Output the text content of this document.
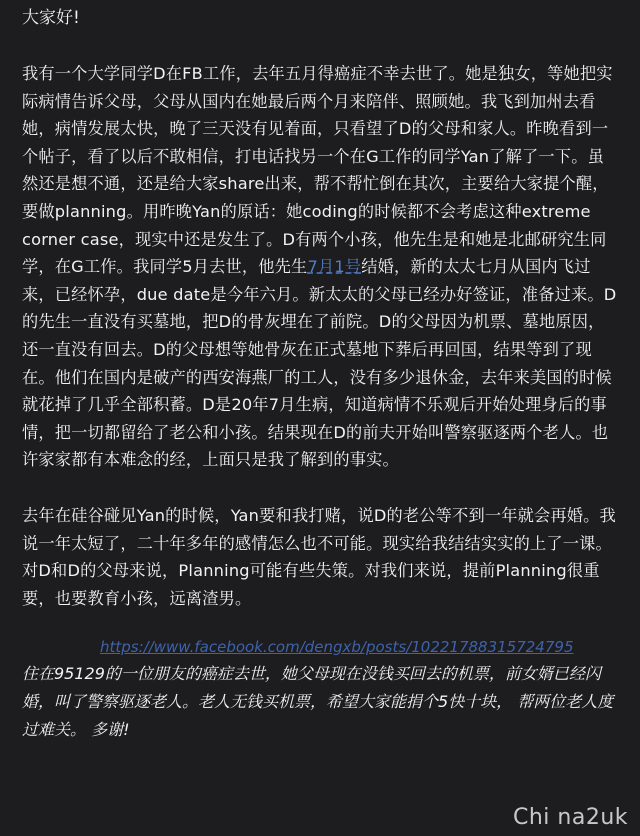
大家好!
我有一个大学同学D在FB工作，去年五月得癌症不幸去世了。她是独女，等她把实际病情告诉父母，父母从国内在她最后两个月来陪伴、照顾她。我飞到加州去看她，病情发展太快，晚了三天没有见着面，只看望了D的父母和家人。昨晚看到一个帖子，看了以后不敢相信，打电话找另一个在G工作的同学Yan了解了一下。虽然还是想不通，还是给大家share出来，帮不帮忙倒在其次，主要给大家提个醒，要做planning。用昨晚Yan的原话：她coding的时候都不会考虑这种extreme corner case，现实中还是发生了。D有两个小孩，他先生是和她是北邮研究生同学，在G工作。我同学5月去世，他先生7月1号结婚，新的太太七月从国内飞过来，已经怀孕，due date是今年六月。新太太的父母已经办好签证，准备过来。D的先生一直没有买墓地，把D的骨灰埋在了前院。D的父母因为机票、墓地原因，还一直没有回去。D的父母想等她骨灰在正式墓地下葬后再回国，结果等到了现在。他们在国内是破产的西安海燕厂的工人，没有多少退休金，去年来美国的时候就花掉了几乎全部积蓄。D是20年7月生病，知道病情不乐观后开始处理身后的事情，把一切都留给了老公和小孩。结果现在D的前夫开始叫警察驱逐两个老人。也许家家都有本难念的经，上面只是我了解到的事实。
去年在硅谷碰见Yan的时候，Yan要和我打赌，说D的老公等不到一年就会再婚。我说一年太短了，二十年多年的感情怎么也不可能。现实给我结结实实的上了一课。对D和D的父母来说，Planning可能有些失策。对我们来说，提前Planning很重要，也要教育小孩，远离渣男。
https://www.facebook.com/dengxb/posts/10221788315724795

住在95129的一位朋友的癌症去世，她父母现在没钱买回去的机票，前女婿已经闪婚，叫了警察驱逐老人。老人无钱买机票，希望大家能捐个5快十块， 帮两位老人度过难关。 多谢!

Chi na2uk
